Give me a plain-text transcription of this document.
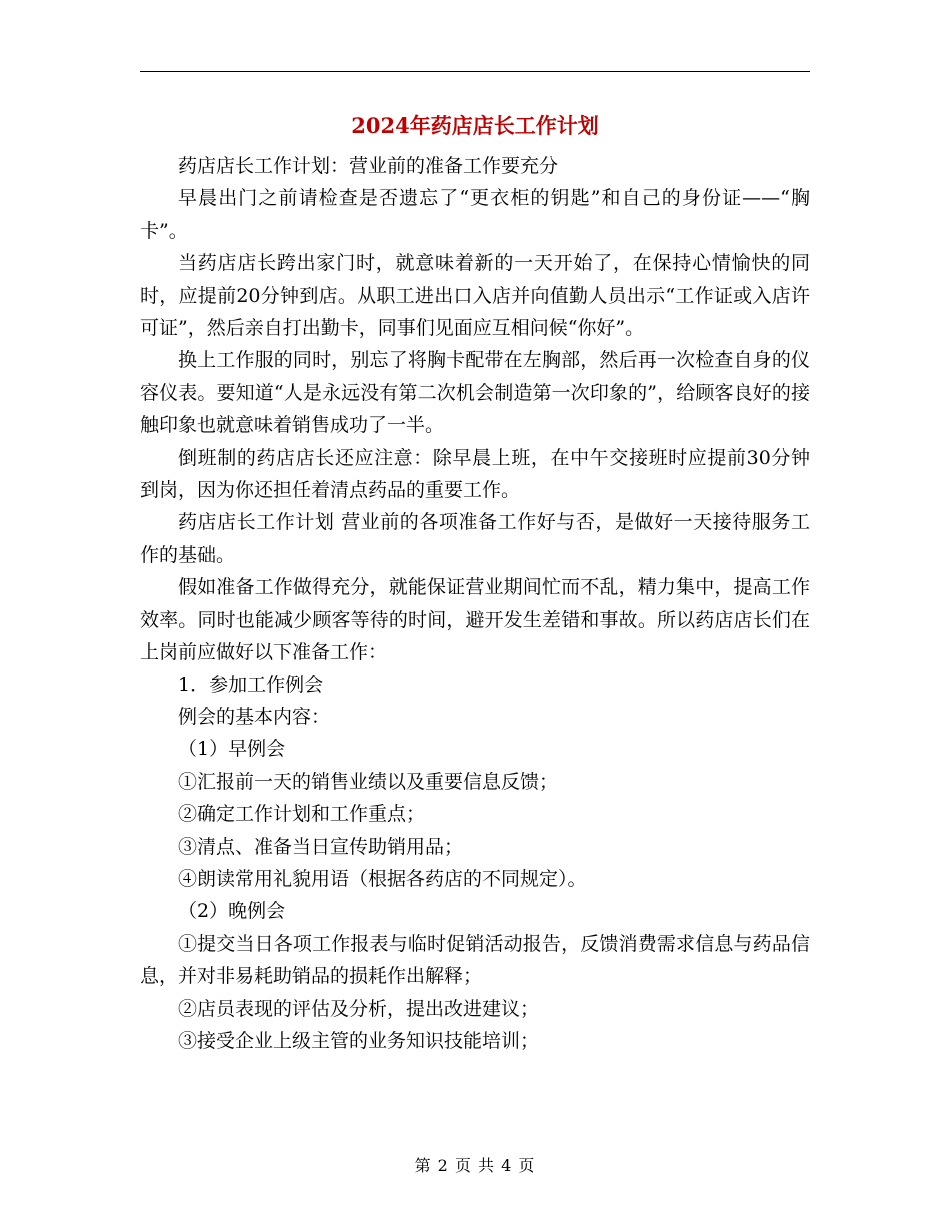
2024年药店店长工作计划

药店店长工作计划：营业前的准备工作要充分

早晨出门之前请检查是否遗忘了“更衣柜的钥匙”和自己的身份证——“胸卡”。

当药店店长跨出家门时，就意味着新的一天开始了，在保持心情愉快的同时，应提前20分钟到店。从职工进出口入店并向值勤人员出示“工作证或入店许可证”，然后亲自打出勤卡，同事们见面应互相问候“你好”。

换上工作服的同时，别忘了将胸卡配带在左胸部，然后再一次检查自身的仪容仪表。要知道“人是永远没有第二次机会制造第一次印象的”，给顾客良好的接触印象也就意味着销售成功了一半。

倒班制的药店店长还应注意：除早晨上班，在中午交接班时应提前30分钟到岗，因为你还担任着清点药品的重要工作。

药店店长工作计划 营业前的各项准备工作好与否，是做好一天接待服务工作的基础。

假如准备工作做得充分，就能保证营业期间忙而不乱，精力集中，提高工作效率。同时也能减少顾客等待的时间，避开发生差错和事故。所以药店店长们在上岗前应做好以下准备工作：

1．参加工作例会

例会的基本内容：

（1）早例会

①汇报前一天的销售业绩以及重要信息反馈；

②确定工作计划和工作重点；

③清点、准备当日宣传助销用品；

④朗读常用礼貌用语（根据各药店的不同规定）。

（2）晚例会

①提交当日各项工作报表与临时促销活动报告，反馈消费需求信息与药品信息，并对非易耗助销品的损耗作出解释；

②店员表现的评估及分析，提出改进建议；

③接受企业上级主管的业务知识技能培训；

第 2 页 共 4 页
